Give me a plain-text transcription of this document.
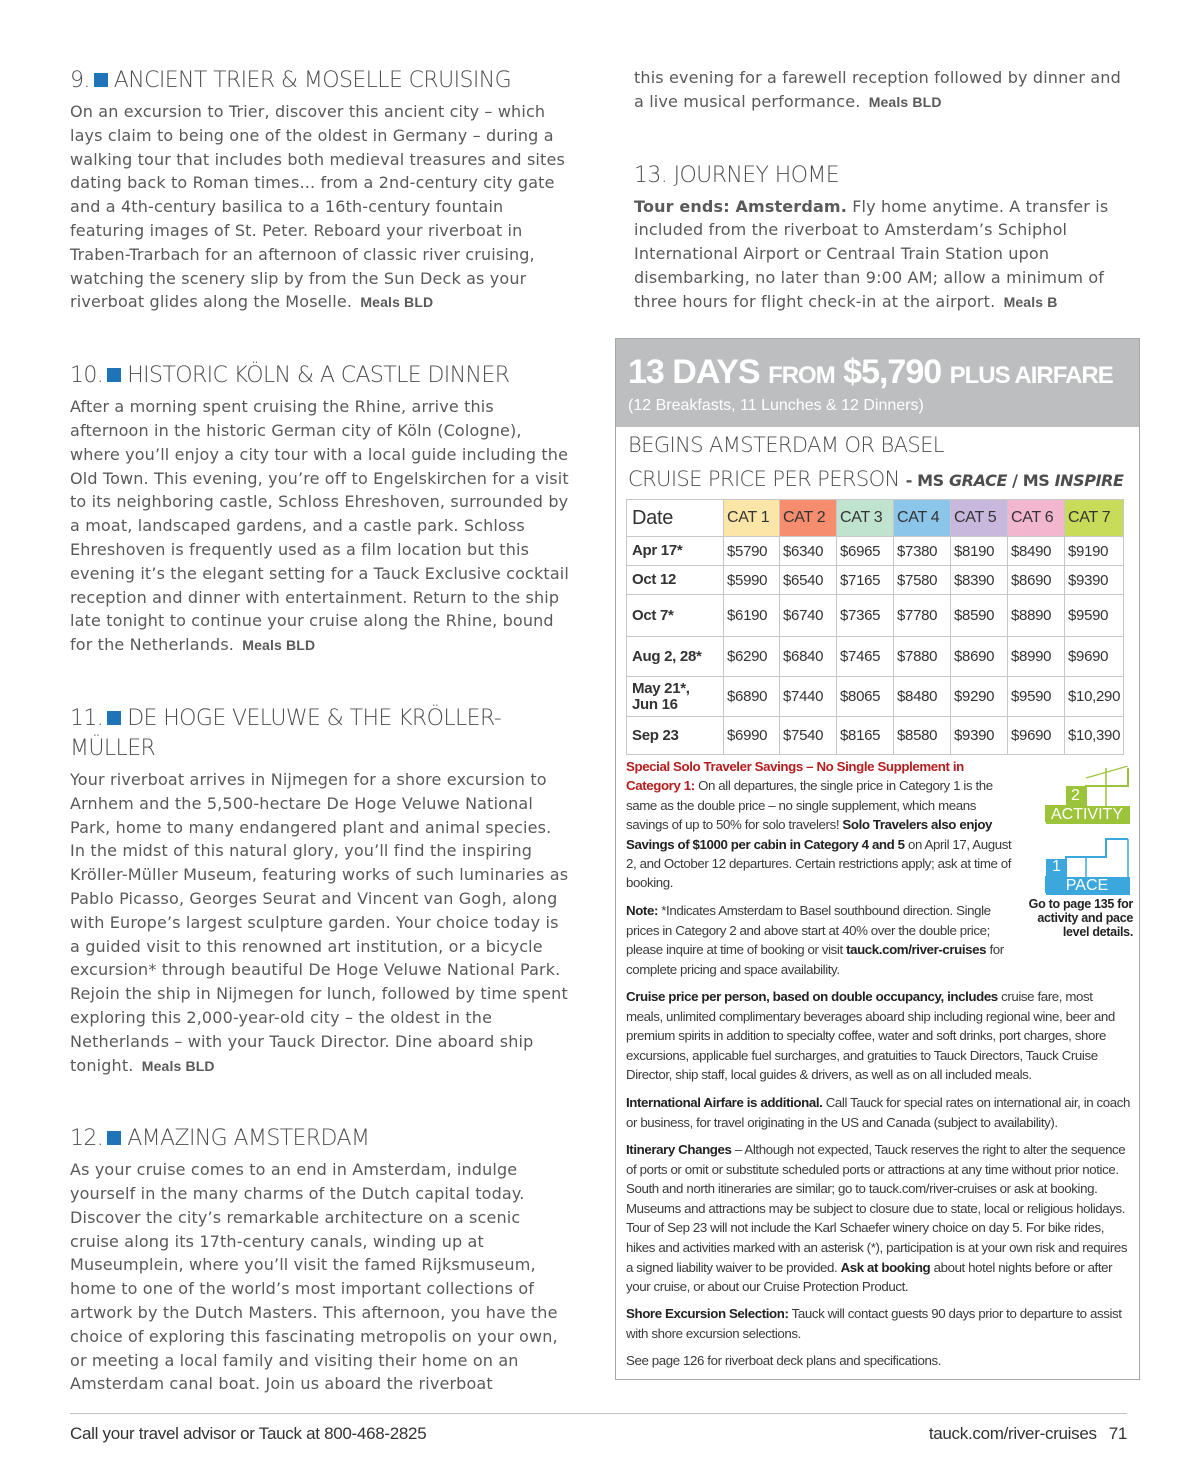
9. ANCIENT TRIER & MOSELLE CRUISING
On an excursion to Trier, discover this ancient city – which lays claim to being one of the oldest in Germany – during a walking tour that includes both medieval treasures and sites dating back to Roman times... from a 2nd-century city gate and a 4th-century basilica to a 16th-century fountain featuring images of St. Peter. Reboard your riverboat in Traben-Trarbach for an afternoon of classic river cruising, watching the scenery slip by from the Sun Deck as your riverboat glides along the Moselle. Meals BLD
10. HISTORIC KÖLN & A CASTLE DINNER
After a morning spent cruising the Rhine, arrive this afternoon in the historic German city of Köln (Cologne), where you’ll enjoy a city tour with a local guide including the Old Town. This evening, you’re off to Engelskirchen for a visit to its neighboring castle, Schloss Ehreshoven, surrounded by a moat, landscaped gardens, and a castle park. Schloss Ehreshoven is frequently used as a film location but this evening it’s the elegant setting for a Tauck Exclusive cocktail reception and dinner with entertainment. Return to the ship late tonight to continue your cruise along the Rhine, bound for the Netherlands. Meals BLD
11. DE HOGE VELUWE & THE KRÖLLER-MÜLLER
Your riverboat arrives in Nijmegen for a shore excursion to Arnhem and the 5,500-hectare De Hoge Veluwe National Park, home to many endangered plant and animal species. In the midst of this natural glory, you’ll find the inspiring Kröller-Müller Museum, featuring works of such luminaries as Pablo Picasso, Georges Seurat and Vincent van Gogh, along with Europe’s largest sculpture garden. Your choice today is a guided visit to this renowned art institution, or a bicycle excursion* through beautiful De Hoge Veluwe National Park. Rejoin the ship in Nijmegen for lunch, followed by time spent exploring this 2,000-year-old city – the oldest in the Netherlands – with your Tauck Director. Dine aboard ship tonight. Meals BLD
12. AMAZING AMSTERDAM
As your cruise comes to an end in Amsterdam, indulge yourself in the many charms of the Dutch capital today. Discover the city’s remarkable architecture on a scenic cruise along its 17th-century canals, winding up at Museumplein, where you’ll visit the famed Rijksmuseum, home to one of the world’s most important collections of artwork by the Dutch Masters. This afternoon, you have the choice of exploring this fascinating metropolis on your own, or meeting a local family and visiting their home on an Amsterdam canal boat. Join us aboard the riverboat
this evening for a farewell reception followed by dinner and a live musical performance. Meals BLD
13. JOURNEY HOME
Tour ends: Amsterdam. Fly home anytime. A transfer is included from the riverboat to Amsterdam’s Schiphol International Airport or Centraal Train Station upon disembarking, no later than 9:00 AM; allow a minimum of three hours for flight check-in at the airport. Meals B
13 DAYS FROM $5,790 PLUS AIRFARE
(12 Breakfasts, 11 Lunches & 12 Dinners)
BEGINS AMSTERDAM OR BASEL
CRUISE PRICE PER PERSON - MS GRACE / MS INSPIRE
Date	CAT 1	CAT 2	CAT 3	CAT 4	CAT 5	CAT 6	CAT 7

Apr 17*	$5790	$6340	$6965	$7380	$8190	$8490	$9190

Oct 12	$5990	$6540	$7165	$7580	$8390	$8690	$9390

Oct 7*	$6190	$6740	$7365	$7780	$8590	$8890	$9590

Aug 2, 28*	$6290	$6840	$7465	$7880	$8690	$8990	$9690

May 21*,
Jun 16	$6890	$7440	$8065	$8480	$9290	$9590	$10,290

Sep 23	$6990	$7540	$8165	$8580	$9390	$9690	$10,390
Special Solo Traveler Savings – No Single Supplement in Category 1: On all departures, the single price in Category 1 is the same as the double price – no single supplement, which means savings of up to 50% for solo travelers! Solo Travelers also enjoy Savings of $1000 per cabin in Category 4 and 5 on April 17, August 2, and October 12 departures. Certain restrictions apply; ask at time of booking.
Note: *Indicates Amsterdam to Basel southbound direction. Single prices in Category 2 and above start at 40% over the double price; please inquire at time of booking or visit tauck.com/river-cruises for complete pricing and space availability.
2
ACTIVITY
1
PACE
Go to page 135 for activity and pace level details.
Cruise price per person, based on double occupancy, includes cruise fare, most meals, unlimited complimentary beverages aboard ship including regional wine, beer and premium spirits in addition to specialty coffee, water and soft drinks, port charges, shore excursions, applicable fuel surcharges, and gratuities to Tauck Directors, Tauck Cruise Director, ship staff, local guides & drivers, as well as on all included meals.
International Airfare is additional. Call Tauck for special rates on international air, in coach or business, for travel originating in the US and Canada (subject to availability).
Itinerary Changes – Although not expected, Tauck reserves the right to alter the sequence of ports or omit or substitute scheduled ports or attractions at any time without prior notice. South and north itineraries are similar; go to tauck.com/river-cruises or ask at booking. Museums and attractions may be subject to closure due to state, local or religious holidays. Tour of Sep 23 will not include the Karl Schaefer winery choice on day 5. For bike rides, hikes and activities marked with an asterisk (*), participation is at your own risk and requires a signed liability waiver to be provided. Ask at booking about hotel nights before or after your cruise, or about our Cruise Protection Product.
Shore Excursion Selection: Tauck will contact guests 90 days prior to departure to assist with shore excursion selections.
See page 126 for riverboat deck plans and specifications.
Call your travel advisor or Tauck at 800-468-2825	tauck.com/river-cruises 71
